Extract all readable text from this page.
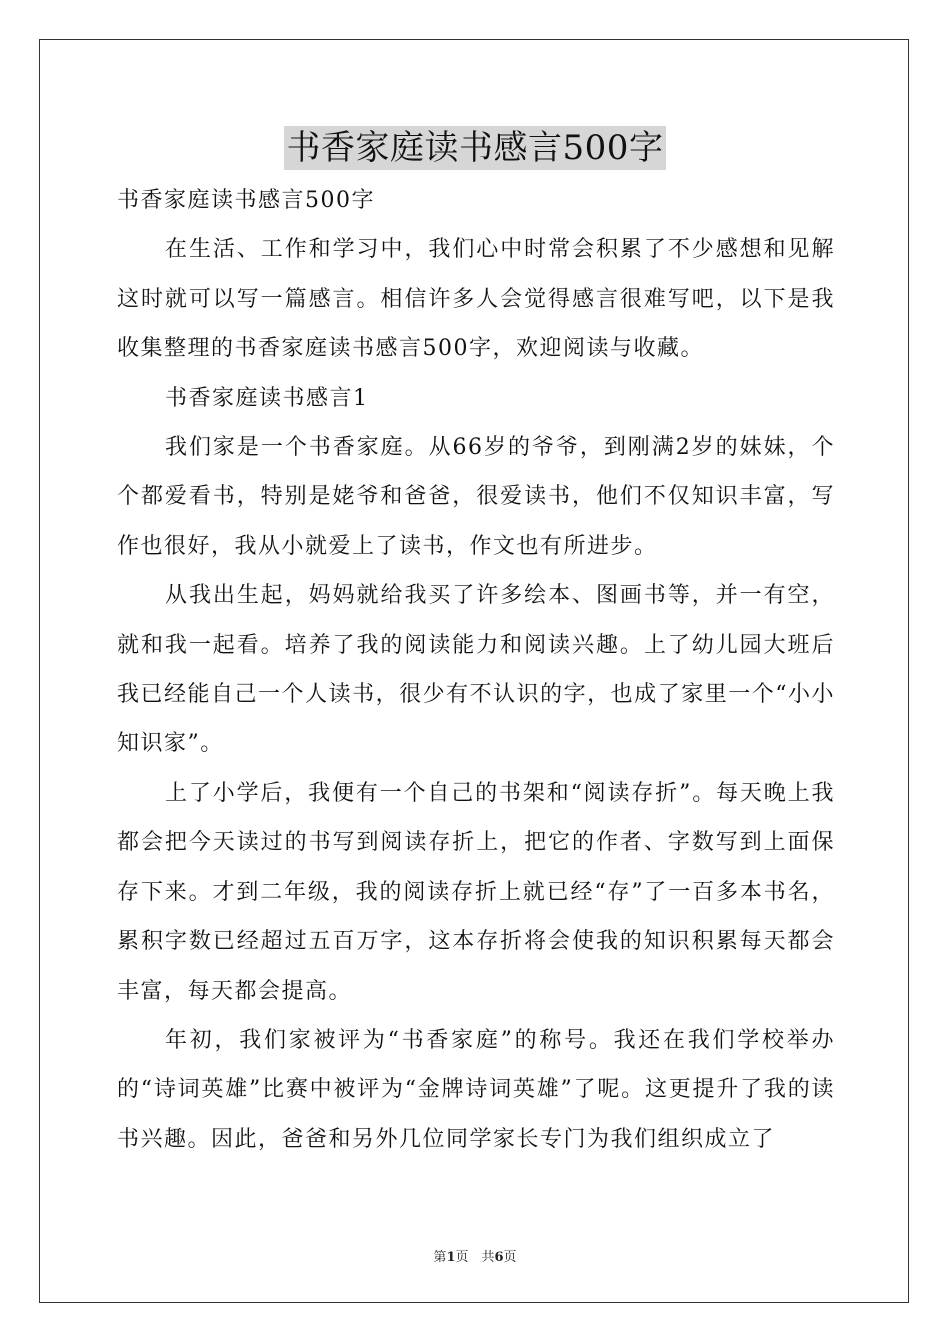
书香家庭读书感言500字

书香家庭读书感言500字

在生活、工作和学习中，我们心中时常会积累了不少感想和见解这时就可以写一篇感言。相信许多人会觉得感言很难写吧，以下是我收集整理的书香家庭读书感言500字，欢迎阅读与收藏。

书香家庭读书感言1

我们家是一个书香家庭。从66岁的爷爷，到刚满2岁的妹妹，个个都爱看书，特别是姥爷和爸爸，很爱读书，他们不仅知识丰富，写作也很好，我从小就爱上了读书，作文也有所进步。

从我出生起，妈妈就给我买了许多绘本、图画书等，并一有空，就和我一起看。培养了我的阅读能力和阅读兴趣。上了幼儿园大班后我已经能自己一个人读书，很少有不认识的字，也成了家里一个“小小知识家”。

上了小学后，我便有一个自己的书架和“阅读存折”。每天晚上我都会把今天读过的书写到阅读存折上，把它的作者、字数写到上面保存下来。才到二年级，我的阅读存折上就已经“存”了一百多本书名，累积字数已经超过五百万字，这本存折将会使我的知识积累每天都会丰富，每天都会提高。

年初，我们家被评为“书香家庭”的称号。我还在我们学校举办的“诗词英雄”比赛中被评为“金牌诗词英雄”了呢。这更提升了我的读书兴趣。因此，爸爸和另外几位同学家长专门为我们组织成立了

第1页　共6页
